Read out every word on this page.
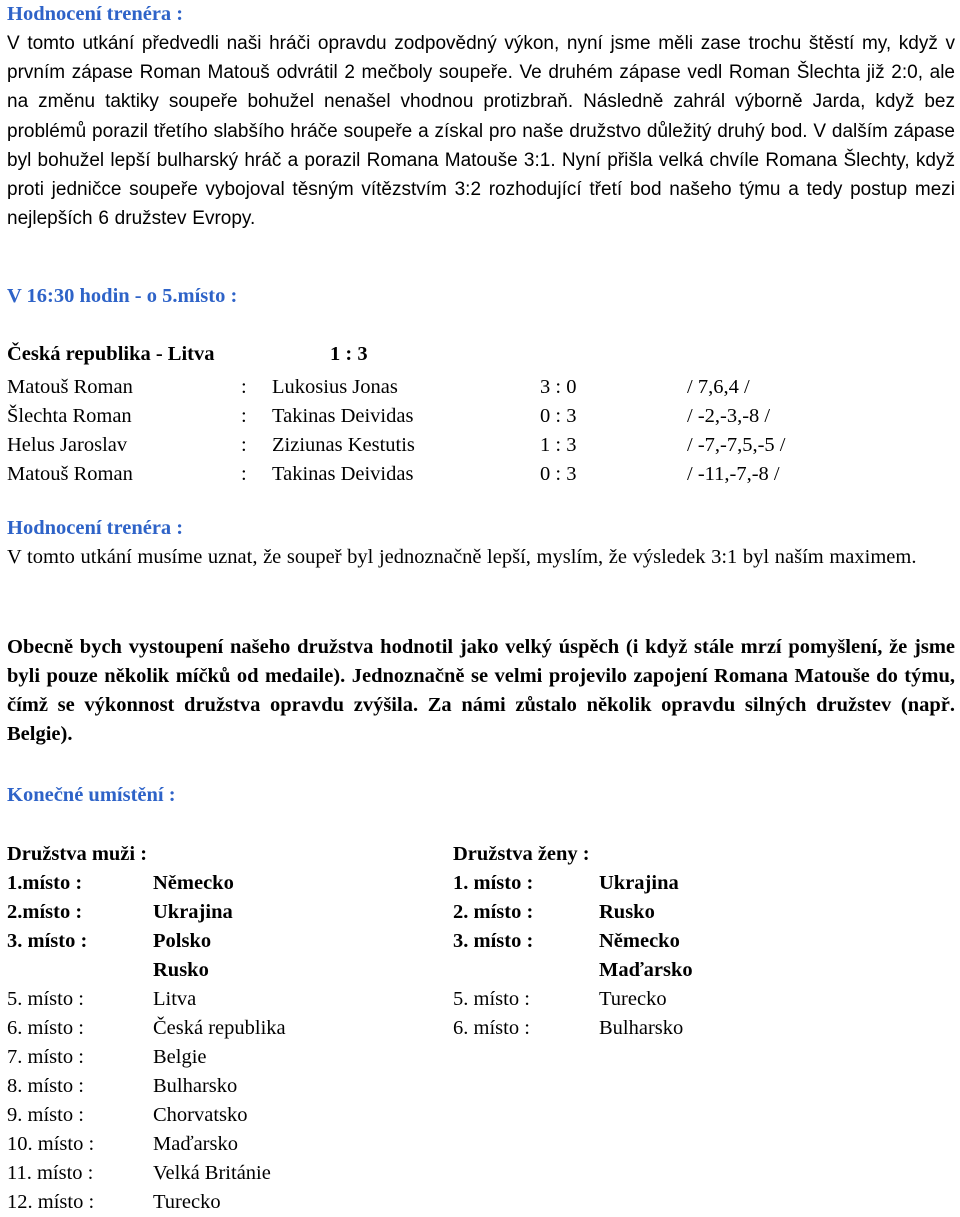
Hodnocení trenéra :

V tomto utkání předvedli naši hráči opravdu zodpovědný výkon, nyní jsme měli zase trochu štěstí my, když v prvním zápase Roman Matouš odvrátil 2 mečboly soupeře. Ve druhém zápase vedl Roman Šlechta již 2:0, ale na změnu taktiky soupeře bohužel nenašel vhodnou protizbraň. Následně zahrál výborně Jarda, když bez problémů porazil třetího slabšího hráče soupeře a získal pro naše družstvo důležitý druhý bod. V dalším zápase byl bohužel lepší bulharský hráč a porazil Romana Matouše 3:1. Nyní přišla velká chvíle Romana Šlechty, když proti jedničce soupeře vybojoval těsným vítězstvím 3:2 rozhodující třetí bod našeho týmu a tedy postup mezi nejlepších 6 družstev Evropy.

V 16:30 hodin - o 5.místo :
Česká republika - Litva	1 : 3
Matouš Roman	: Lukosius Jonas	3 : 0	/ 7,6,4 /
Šlechta Roman	: Takinas Deividas	0 : 3	/ -2,-3,-8 /
Helus Jaroslav	: Ziziunas Kestutis	1 : 3	/ -7,-7,5,-5 /
Matouš Roman	: Takinas Deividas	0 : 3	/ -11,-7,-8 /
Hodnocení trenéra :

V tomto utkání musíme uznat, že soupeř byl jednoznačně lepší, myslím, že výsledek 3:1 byl naším maximem.

Obecně bych vystoupení našeho družstva hodnotil jako velký úspěch (i když stále mrzí pomyšlení, že jsme byli pouze několik míčků od medaile). Jednoznačně se velmi projevilo zapojení Romana Matouše do týmu, čímž se výkonnost družstva opravdu zvýšila. Za námi zůstalo několik opravdu silných družstev (např. Belgie).

Konečné umístění :
Družstva muži :
1.místo :	Německo
2.místo :	Ukrajina
3. místo :	Polsko
Rusko
5. místo :	Litva
6. místo :	Česká republika
7. místo :	Belgie
8. místo :	Bulharsko
9. místo :	Chorvatsko
10. místo :	Maďarsko
11. místo :	Velká Británie
12. místo :	Turecko
Družstva ženy :
1. místo :	Ukrajina
2. místo :	Rusko
3. místo :	Německo
Maďarsko
5. místo :	Turecko
6. místo :	Bulharsko
